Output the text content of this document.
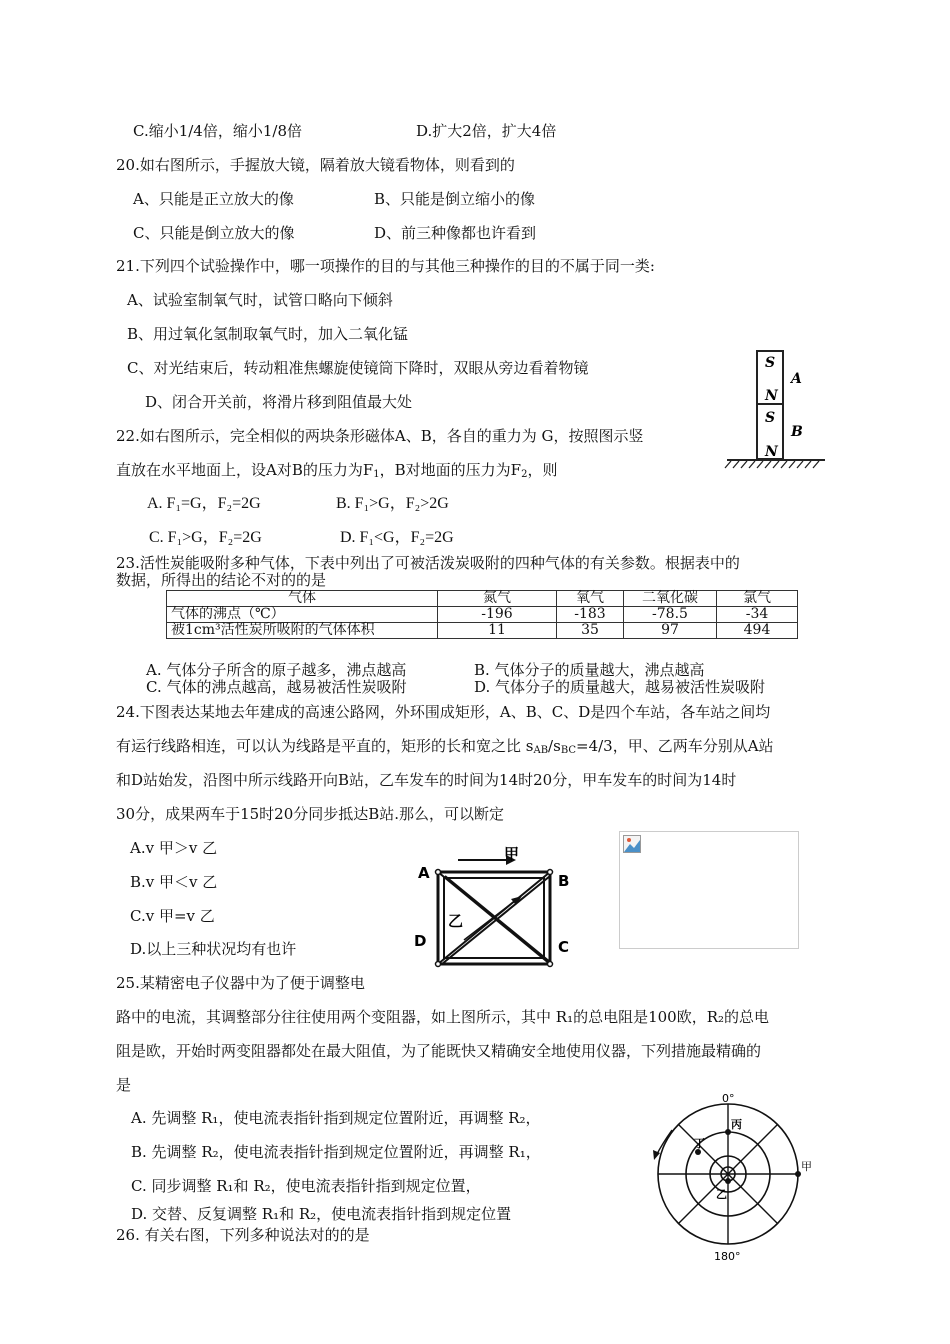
C.缩小1/4倍，缩小1/8倍	D.扩大2倍，扩大4倍
20.如右图所示，手握放大镜，隔着放大镜看物体，则看到的
A、只能是正立放大的像	B、只能是倒立缩小的像
C、只能是倒立放大的像	D、前三种像都也许看到
21.下列四个试验操作中，哪一项操作的目的与其他三种操作的目的不属于同一类:
A、试验室制氧气时，试管口略向下倾斜
B、用过氧化氢制取氧气时，加入二氧化锰
C、对光结束后，转动粗准焦螺旋使镜筒下降时，双眼从旁边看着物镜
D、闭合开关前，将滑片移到阻值最大处
S
N
A
S
N
B
22.如右图所示，完全相似的两块条形磁体A、B，各自的重力为 G，按照图示竖
直放在水平地面上，设A对B的压力为$F_1$，B对地面的压力为$F_2$，则
A. F₁=G，F₂=2G	B. F₁>G，F₂>2G
C. F₁>G，F₂=2G	D. F₁<G，F₂=2G
23.活性炭能吸附多种气体，下表中列出了可被活泼炭吸附的四种气体的有关参数。根据表中的
数据，所得出的结论不对的的是
气体	氮气	氧气	二氧化碳	氯气
气体的沸点（℃）	-196	-183	-78.5	-34
被1cm³活性炭所吸附的气体体积	11	35	97	494
A. 气体分子所含的原子越多，沸点越高	B. 气体分子的质量越大，沸点越高
C. 气体的沸点越高，越易被活性炭吸附	D. 气体分子的质量越大，越易被活性炭吸附
24.下图表达某地去年建成的高速公路网，外环围成矩形，A、B、C、D是四个车站，各车站之间均
有运行线路相连，可以认为线路是平直的，矩形的长和宽之比 $s_{AB}/s_{BC}=4/3$，甲、乙两车分别从A站
和D站始发，沿图中所示线路开向B站，乙车发车的时间为14时20分，甲车发车的时间为14时
30分，成果两车于15时20分同步抵达B站.那么，可以断定
A.v 甲＞v 乙
B.v 甲＜v 乙
C.v 甲=v 乙
D.以上三种状况均有也许
A	B
C
D
甲
乙
25.某精密电子仪器中为了便于调整电
路中的电流，其调整部分往往使用两个变阻器，如上图所示，其中 R₁的总电阻是100欧，R₂的总电
阻是欧，开始时两变阻器都处在最大阻值，为了能既快又精确安全地使用仪器，下列措施最精确的
是
A. 先调整 R₁，使电流表指针指到规定位置附近，再调整 R₂，
B. 先调整 R₂，使电流表指针指到规定位置附近，再调整 R₁，
C. 同步调整 R₁和 R₂，使电流表指针指到规定位置，
D. 交替、反复调整 R₁和 R₂，使电流表指针指到规定位置
26. 有关右图，下列多种说法对的的是
0°
180°
甲
丙
丁
乙
